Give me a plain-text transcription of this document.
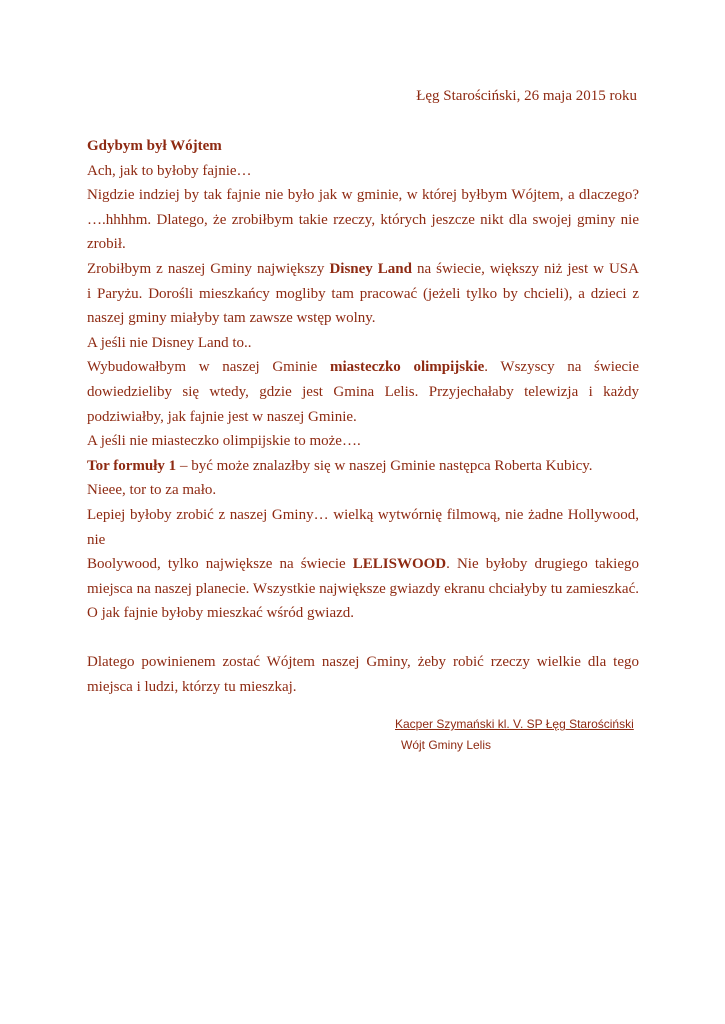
Łęg Starościński, 26 maja 2015 roku
Gdybym był Wójtem
Ach, jak to byłoby fajnie…
Nigdzie indziej by tak fajnie nie było jak w gminie, w której byłbym Wójtem, a dlaczego?
….hhhhm. Dlatego, że zrobiłbym takie rzeczy, których jeszcze nikt dla swojej gminy nie
zrobił.
Zrobiłbym z naszej Gminy największy Disney Land na świecie, większy niż jest w USA
i Paryżu. Dorośli mieszkańcy mogliby tam pracować (jeżeli tylko by chcieli), a dzieci z
naszej gminy miałyby tam zawsze wstęp wolny.
A jeśli nie Disney Land to..
Wybudowałbym w naszej Gminie miasteczko olimpijskie. Wszyscy na świecie
dowiedzieliby się wtedy, gdzie jest Gmina Lelis. Przyjechałaby telewizja i każdy
podziwiałby, jak fajnie jest w naszej Gminie.
A jeśli nie miasteczko olimpijskie to może….
Tor formuły 1 – być może znalazłby się w naszej Gminie następca Roberta Kubicy.
Nieee, tor to za mało.
Lepiej byłoby zrobić z naszej Gminy… wielką wytwórnię filmową, nie żadne Hollywood, nie
Boolywood, tylko największe na świecie LELISWOOD. Nie byłoby drugiego takiego
miejsca na naszej planecie. Wszystkie największe gwiazdy ekranu chciałyby tu zamieszkać.
O jak fajnie byłoby mieszkać wśród gwiazd.
Dlatego powinienem zostać Wójtem naszej Gminy, żeby robić rzeczy wielkie dla tego
miejsca i ludzi, którzy tu mieszkaj.
Kacper Szymański kl. V. SP Łęg Starościński
Wójt Gminy Lelis
